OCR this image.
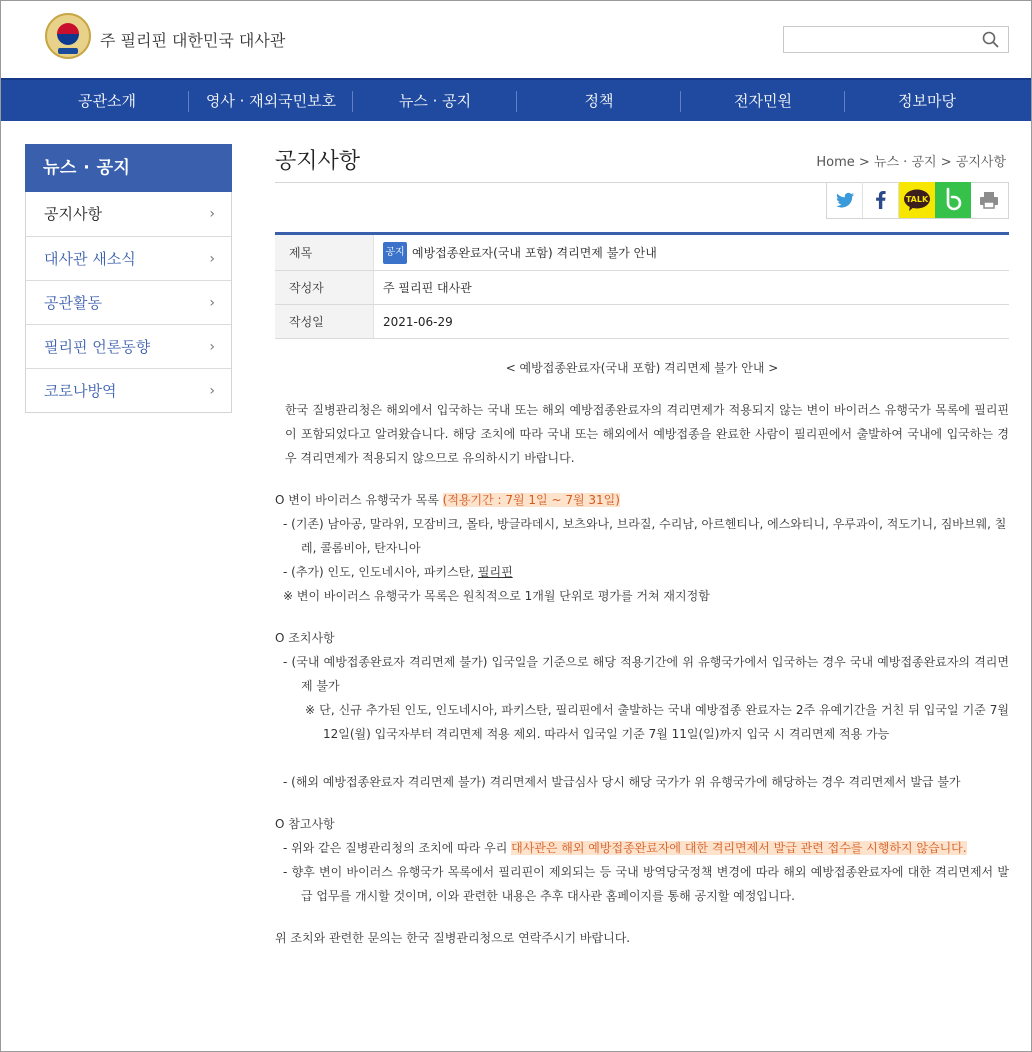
주 필리핀 대한민국 대사관
공관소개	영사 · 재외국민보호	뉴스 · 공지	정책	전자민원	정보마당
뉴스 · 공지
공지사항	›
대사관 새소식	›
공관활동	›
필리핀 언론동향	›
코로나방역	›
공지사항	Home > 뉴스 · 공지 > 공지사항
TALK
제목	공지 예방접종완료자(국내 포함) 격리면제 불가 안내
작성자	주 필리핀 대사관
작성일	2021-06-29

< 예방접종완료자(국내 포함) 격리면제 불가 안내 >

한국 질병관리청은 해외에서 입국하는 국내 또는 해외 예방접종완료자의 격리면제가 적용되지 않는 변이 바이러스 유행국가 목록에 필리핀이 포함되었다고 알려왔습니다. 해당 조치에 따라 국내 또는 해외에서 예방접종을 완료한 사람이 필리핀에서 출발하여 국내에 입국하는 경우 격리면제가 적용되지 않으므로 유의하시기 바랍니다.

O 변이 바이러스 유행국가 목록 (적용기간 : 7월 1일 ~ 7월 31일)

- (기존) 남아공, 말라위, 모잠비크, 몰타, 방글라데시, 보츠와나, 브라질, 수리남, 아르헨티나, 에스와티니, 우루과이, 적도기니, 짐바브웨, 칠레, 콜롬비아, 탄자니아

- (추가) 인도, 인도네시아, 파키스탄, 필리핀

※ 변이 바이러스 유행국가 목록은 원칙적으로 1개월 단위로 평가를 거쳐 재지정함

O 조치사항

- (국내 예방접종완료자 격리면제 불가) 입국일을 기준으로 해당 적용기간에 위 유행국가에서 입국하는 경우 국내 예방접종완료자의 격리면제 불가

※ 단, 신규 추가된 인도, 인도네시아, 파키스탄, 필리핀에서 출발하는 국내 예방접종 완료자는 2주 유예기간을 거친 뒤 입국일 기준 7월 12일(월) 입국자부터 격리면제 적용 제외. 따라서 입국일 기준 7월 11일(일)까지 입국 시 격리면제 적용 가능

- (해외 예방접종완료자 격리면제 불가) 격리면제서 발급심사 당시 해당 국가가 위 유행국가에 해당하는 경우 격리면제서 발급 불가

O 참고사항

- 위와 같은 질병관리청의 조치에 따라 우리 대사관은 해외 예방접종완료자에 대한 격리면제서 발급 관련 접수를 시행하지 않습니다.

- 향후 변이 바이러스 유행국가 목록에서 필리핀이 제외되는 등 국내 방역당국정책 변경에 따라 해외 예방접종완료자에 대한 격리면제서 발급 업무를 개시할 것이며, 이와 관련한 내용은 추후 대사관 홈페이지를 통해 공지할 예정입니다.

위 조치와 관련한 문의는 한국 질병관리청으로 연락주시기 바랍니다.
